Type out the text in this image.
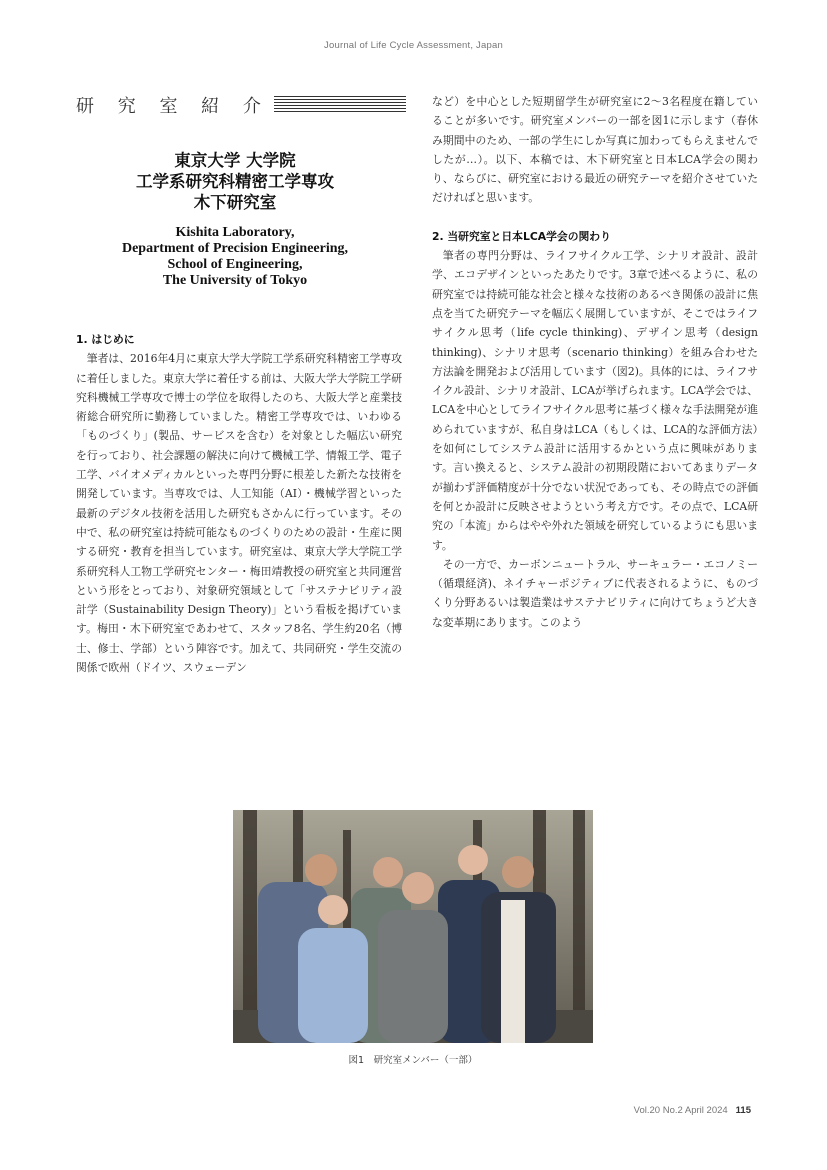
Journal of Life Cycle Assessment, Japan
研 究 室 紹 介
東京大学 大学院
工学系研究科精密工学専攻
木下研究室
Kishita Laboratory,
Department of Precision Engineering,
School of Engineering,
The University of Tokyo
1. はじめに

筆者は、2016年4月に東京大学大学院工学系研究科精密工学専攻に着任しました。東京大学に着任する前は、大阪大学大学院工学研究科機械工学専攻で博士の学位を取得したのち、大阪大学と産業技術総合研究所に勤務していました。精密工学専攻では、いわゆる「ものづくり」(製品、サービスを含む）を対象とした幅広い研究を行っており、社会課題の解決に向けて機械工学、情報工学、電子工学、バイオメディカルといった専門分野に根差した新たな技術を開発しています。当専攻では、人工知能（AI）・機械学習といった最新のデジタル技術を活用した研究もさかんに行っています。その中で、私の研究室は持続可能なものづくりのための設計・生産に関する研究・教育を担当しています。研究室は、東京大学大学院工学系研究科人工物工学研究センター・梅田靖教授の研究室と共同運営という形をとっており、対象研究領域として「サステナビリティ設計学（Sustainability Design Theory)」という看板を掲げています。梅田・木下研究室であわせて、スタッフ8名、学生約20名（博士、修士、学部）という陣容です。加えて、共同研究・学生交流の関係で欧州（ドイツ、スウェーデン

など）を中心とした短期留学生が研究室に2～3名程度在籍していることが多いです。研究室メンバーの一部を図1に示します（春休み期間中のため、一部の学生にしか写真に加わってもらえませんでしたが…）。以下、本稿では、木下研究室と日本LCA学会の関わり、ならびに、研究室における最近の研究テーマを紹介させていただければと思います。

2. 当研究室と日本LCA学会の関わり

筆者の専門分野は、ライフサイクル工学、シナリオ設計、設計学、エコデザインといったあたりです。3章で述べるように、私の研究室では持続可能な社会と様々な技術のあるべき関係の設計に焦点を当てた研究テーマを幅広く展開していますが、そこではライフサイクル思考（life cycle thinking)、デザイン思考（design thinking)、シナリオ思考（scenario thinking）を組み合わせた方法論を開発および活用しています（図2)。具体的には、ライフサイクル設計、シナリオ設計、LCAが挙げられます。LCA学会では、LCAを中心としてライフサイクル思考に基づく様々な手法開発が進められていますが、私自身はLCA（もしくは、LCA的な評価方法）を如何にしてシステム設計に活用するかという点に興味があります。言い換えると、システム設計の初期段階においてあまりデータが揃わず評価精度が十分でない状況であっても、その時点での評価を何とか設計に反映させようという考え方です。その点で、LCA研究の「本流」からはやや外れた領域を研究しているようにも思います。

その一方で、カーボンニュートラル、サーキュラー・エコノミー（循環経済)、ネイチャーポジティブに代表されるように、ものづくり分野あるいは製造業はサステナビリティに向けてちょうど大きな変革期にあります。このよう

図1　研究室メンバー（一部）
Vol.20 No.2 April 2024 115
